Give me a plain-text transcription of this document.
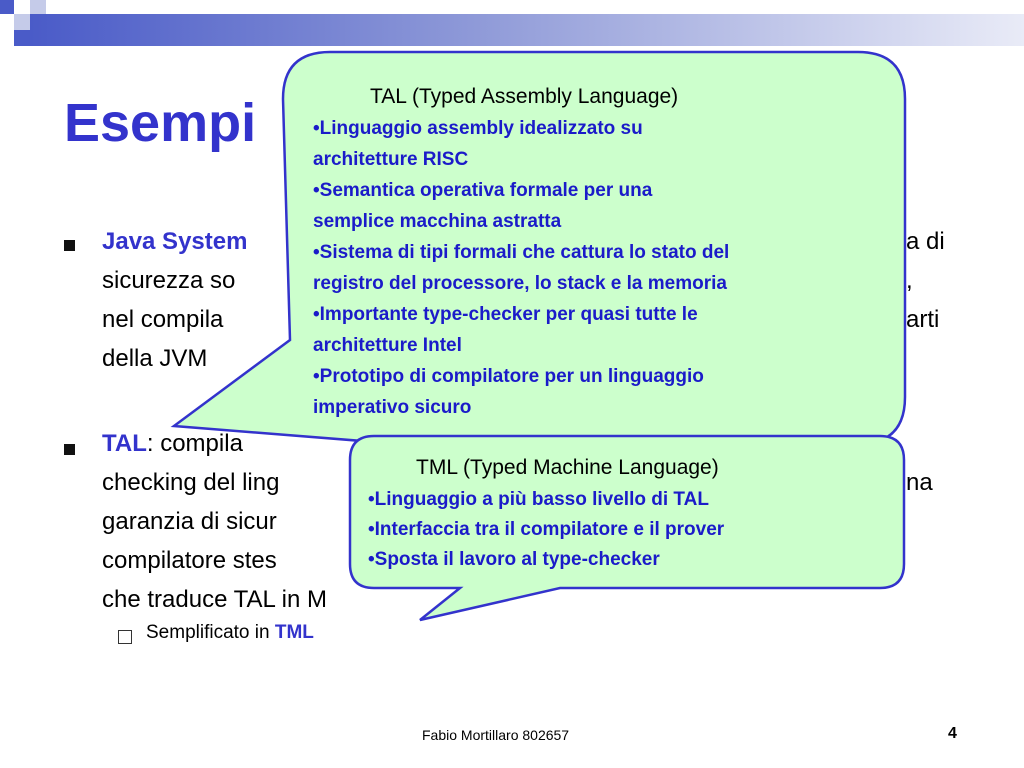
Esempi
Java System	a di
sicurezza so	,
nel compila	arti
della JVM
TAL: compila
checking del ling	na
garanzia di sicur
compilatore stes
che traduce TAL in M
Semplificato in TML
TAL (Typed Assembly Language)
•Linguaggio assembly idealizzato su
architetture RISC
•Semantica operativa formale per una
semplice macchina astratta
•Sistema di tipi formali che cattura lo stato del
registro del processore, lo stack e la memoria
•Importante type-checker per quasi tutte le
architetture Intel
•Prototipo di compilatore per un linguaggio
imperativo sicuro
TML (Typed Machine Language)
•Linguaggio a più basso livello di TAL
•Interfaccia tra il compilatore e il prover
•Sposta il lavoro al type-checker
Fabio Mortillaro 802657	4
